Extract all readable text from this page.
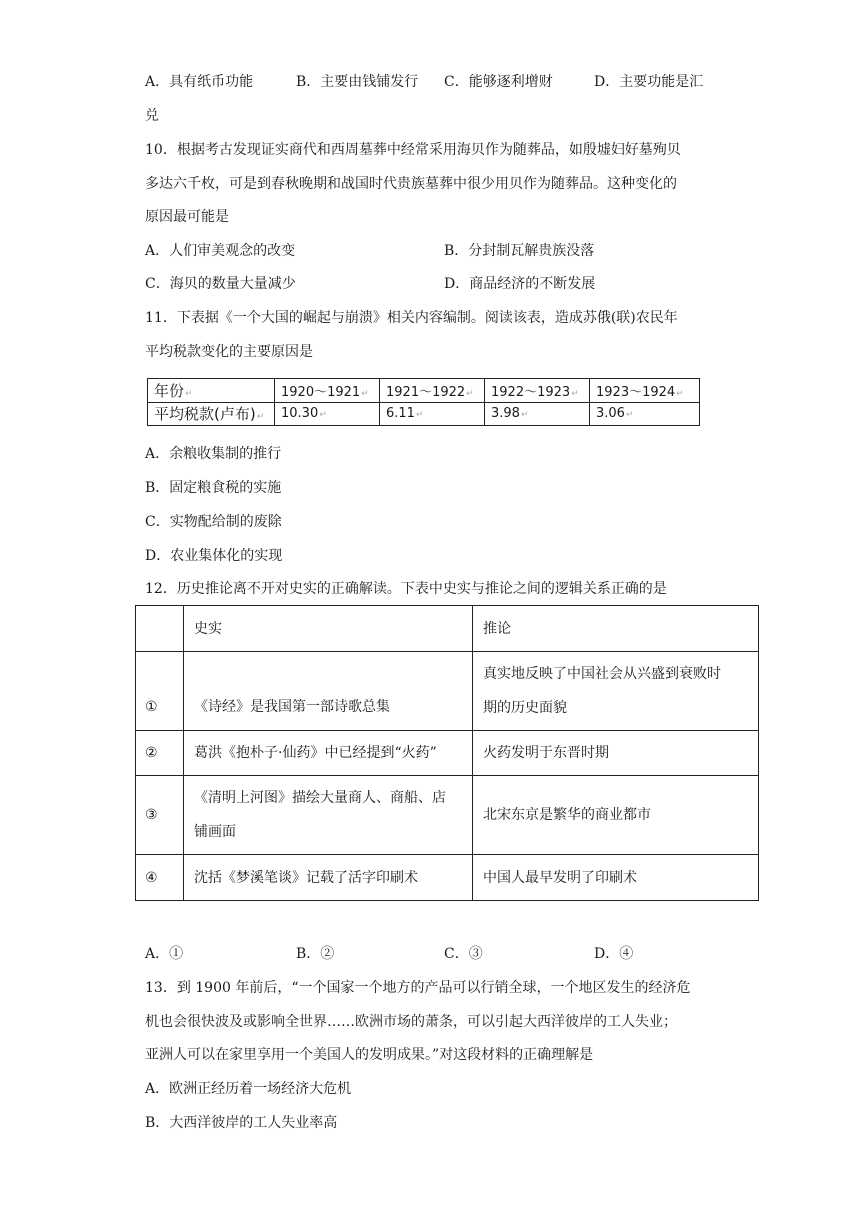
A．具有纸币功能	B．主要由钱铺发行 C．能够逐利增财	D．主要功能是汇
兑
10．根据考古发现证实商代和西周墓葬中经常采用海贝作为随葬品，如殷墟妇好墓殉贝
多达六千枚，可是到春秋晚期和战国时代贵族墓葬中很少用贝作为随葬品。这种变化的
原因最可能是
A．人们审美观念的改变	B．分封制瓦解贵族没落
C．海贝的数量大量减少	D．商品经济的不断发展
11．下表据《一个大国的崛起与崩溃》相关内容编制。阅读该表，造成苏俄(联)农民年
平均税款变化的主要原因是
年份↵	1920～1921↵	1921～1922↵	1922～1923↵	1923～1924↵
平均税款(卢布)↵	10.30↵	6.11↵	3.98↵	3.06↵
A．余粮收集制的推行
B．固定粮食税的实施
C．实物配给制的废除
D．农业集体化的实现
12．历史推论离不开对史实的正确解读。下表中史实与推论之间的逻辑关系正确的是
	史实	推论
①	《诗经》是我国第一部诗歌总集	真实地反映了中国社会从兴盛到衰败时
期的历史面貌

②	葛洪《抱朴子·仙药》中已经提到“火药”	火药发明于东晋时期
③	《清明上河图》描绘大量商人、商船、店
铺画面	北宋东京是繁华的商业都市
④	沈括《梦溪笔谈》记载了活字印刷术	中国人最早发明了印刷术
A．①	B．②	C．③	D．④
13．到 1900 年前后，“一个国家一个地方的产品可以行销全球，一个地区发生的经济危
机也会很快波及或影响全世界……欧洲市场的萧条，可以引起大西洋彼岸的工人失业；
亚洲人可以在家里享用一个美国人的发明成果。”对这段材料的正确理解是
A．欧洲正经历着一场经济大危机
B．大西洋彼岸的工人失业率高
